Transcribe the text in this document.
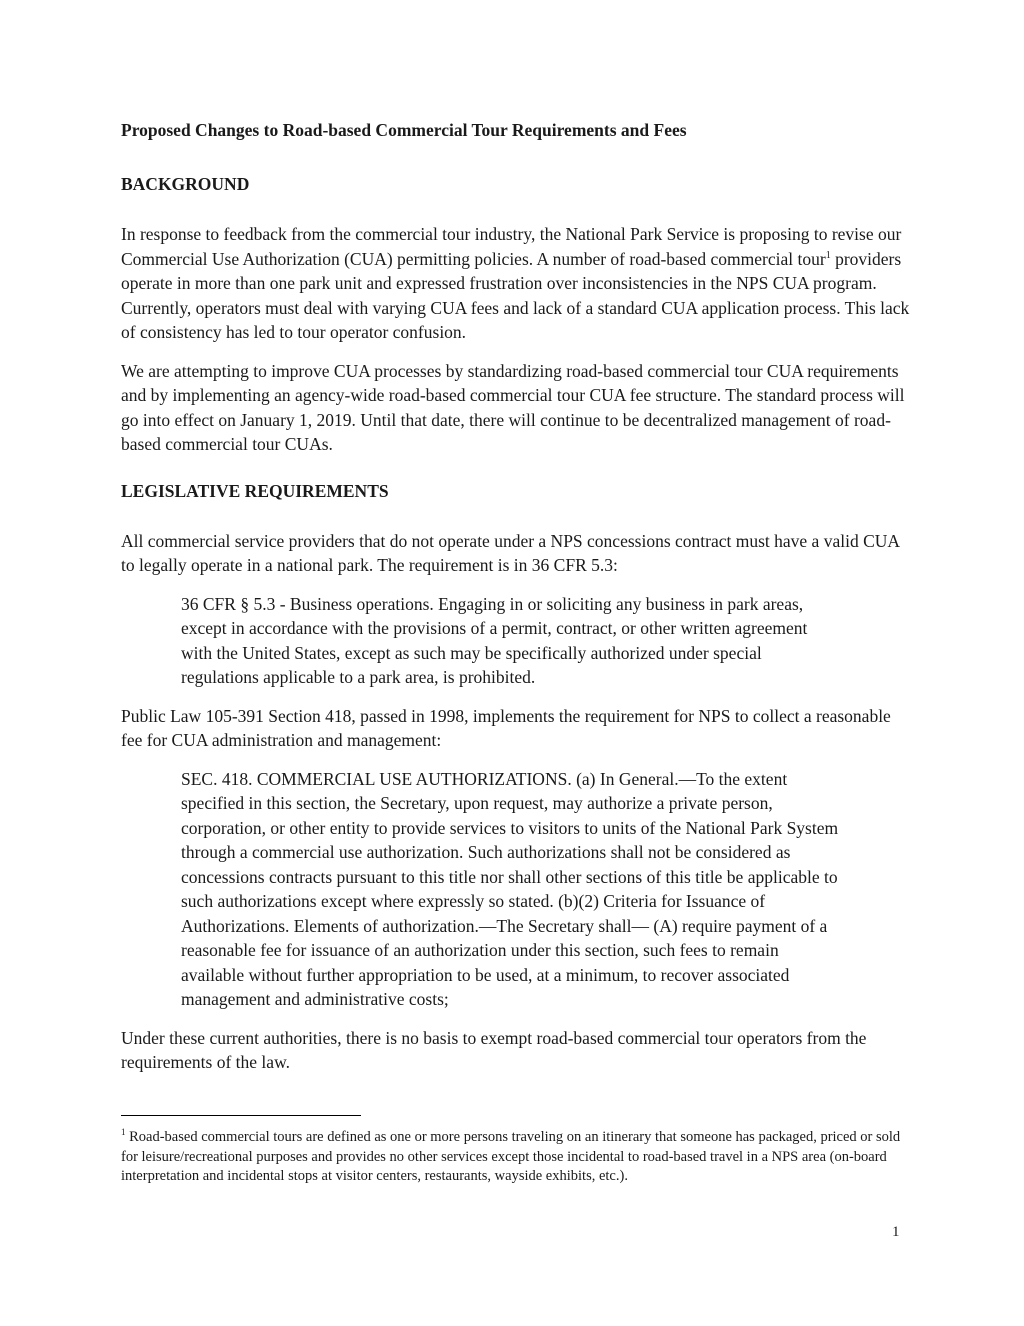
Proposed Changes to Road-based Commercial Tour Requirements and Fees
BACKGROUND

In response to feedback from the commercial tour industry, the National Park Service is proposing to revise our Commercial Use Authorization (CUA) permitting policies. A number of road-based commercial tour$^1$ providers operate in more than one park unit and expressed frustration over inconsistencies in the NPS CUA program. Currently, operators must deal with varying CUA fees and lack of a standard CUA application process. This lack of consistency has led to tour operator confusion.

We are attempting to improve CUA processes by standardizing road-based commercial tour CUA requirements and by implementing an agency-wide road-based commercial tour CUA fee structure. The standard process will go into effect on January 1, 2019. Until that date, there will continue to be decentralized management of road-based commercial tour CUAs.

LEGISLATIVE REQUIREMENTS

All commercial service providers that do not operate under a NPS concessions contract must have a valid CUA to legally operate in a national park. The requirement is in 36 CFR 5.3:

36 CFR § 5.3 - Business operations. Engaging in or soliciting any business in park areas, except in accordance with the provisions of a permit, contract, or other written agreement with the United States, except as such may be specifically authorized under special regulations applicable to a park area, is prohibited.

Public Law 105-391 Section 418, passed in 1998, implements the requirement for NPS to collect a reasonable fee for CUA administration and management:

SEC. 418. COMMERCIAL USE AUTHORIZATIONS. (a) In General.—To the extent specified in this section, the Secretary, upon request, may authorize a private person, corporation, or other entity to provide services to visitors to units of the National Park System through a commercial use authorization. Such authorizations shall not be considered as concessions contracts pursuant to this title nor shall other sections of this title be applicable to such authorizations except where expressly so stated. (b)(2) Criteria for Issuance of Authorizations. Elements of authorization.—The Secretary shall— (A) require payment of a reasonable fee for issuance of an authorization under this section, such fees to remain available without further appropriation to be used, at a minimum, to recover associated management and administrative costs;

Under these current authorities, there is no basis to exempt road-based commercial tour operators from the requirements of the law.

$^1$ Road-based commercial tours are defined as one or more persons traveling on an itinerary that someone has packaged, priced or sold for leisure/recreational purposes and provides no other services except those incidental to road-based travel in a NPS area (on-board interpretation and incidental stops at visitor centers, restaurants, wayside exhibits, etc.).
1
